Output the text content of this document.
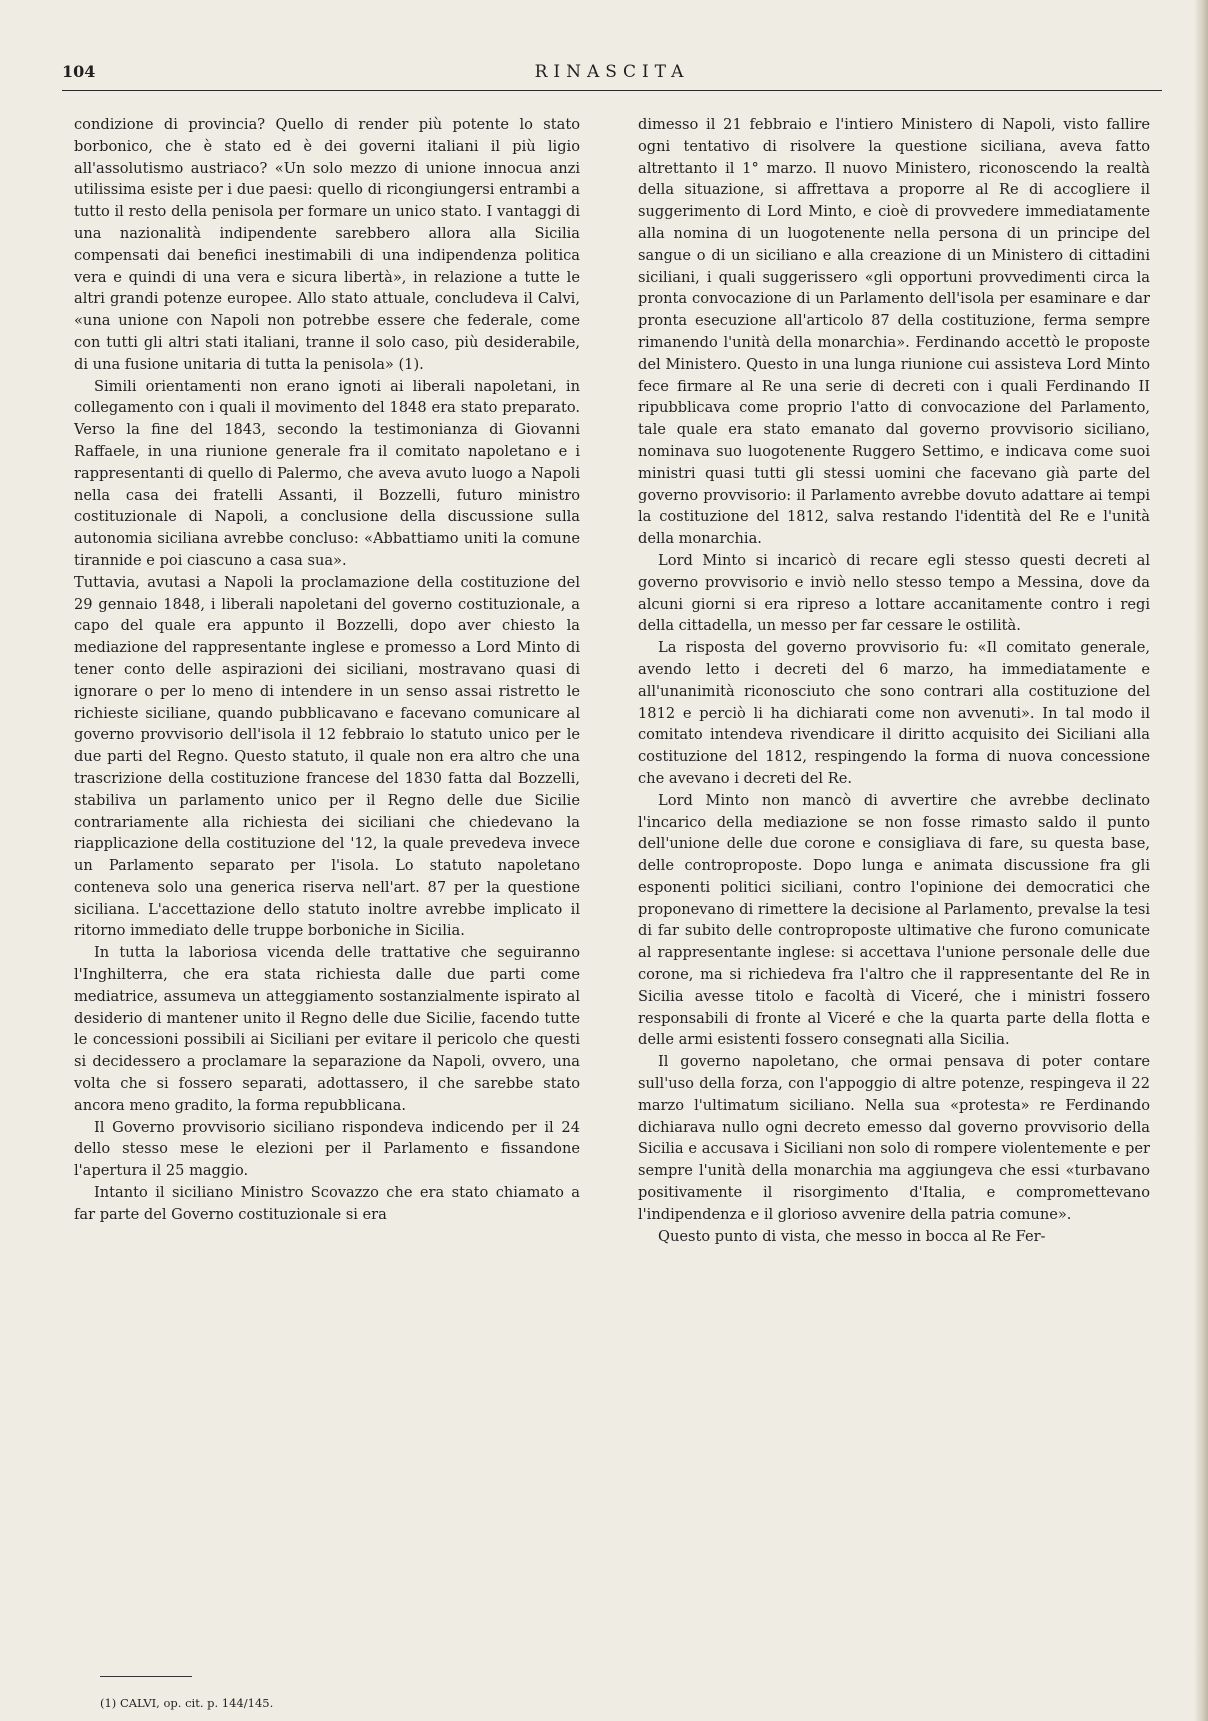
104	RINASCITA

condizione di provincia? Quello di render più potente lo stato borbonico, che è stato ed è dei governi italiani il più ligio all'assolutismo austriaco? «Un solo mezzo di unione innocua anzi utilissima esiste per i due paesi: quello di ricongiungersi entrambi a tutto il resto della penisola per formare un unico stato. I vantaggi di una nazionalità indipendente sarebbero allora alla Sicilia compensati dai benefici inestimabili di una indipendenza politica vera e quindi di una vera e sicura libertà», in relazione a tutte le altri grandi potenze europee. Allo stato attuale, concludeva il Calvi, «una unione con Napoli non potrebbe essere che federale, come con tutti gli altri stati italiani, tranne il solo caso, più desiderabile, di una fusione unitaria di tutta la penisola» (1).

Simili orientamenti non erano ignoti ai liberali napoletani, in collegamento con i quali il movimento del 1848 era stato preparato. Verso la fine del 1843, secondo la testimonianza di Giovanni Raffaele, in una riunione generale fra il comitato napoletano e i rappresentanti di quello di Palermo, che aveva avuto luogo a Napoli nella casa dei fratelli Assanti, il Bozzelli, futuro ministro costituzionale di Napoli, a conclusione della discussione sulla autonomia siciliana avrebbe concluso: «Abbattiamo uniti la comune tirannide e poi ciascuno a casa sua».

Tuttavia, avutasi a Napoli la proclamazione della costituzione del 29 gennaio 1848, i liberali napoletani del governo costituzionale, a capo del quale era appunto il Bozzelli, dopo aver chiesto la mediazione del rappresentante inglese e promesso a Lord Minto di tener conto delle aspirazioni dei siciliani, mostravano quasi di ignorare o per lo meno di intendere in un senso assai ristretto le richieste siciliane, quando pubblicavano e facevano comunicare al governo provvisorio dell'isola il 12 febbraio lo statuto unico per le due parti del Regno. Questo statuto, il quale non era altro che una trascrizione della costituzione francese del 1830 fatta dal Bozzelli, stabiliva un parlamento unico per il Regno delle due Sicilie contrariamente alla richiesta dei siciliani che chiedevano la riapplicazione della costituzione del '12, la quale prevedeva invece un Parlamento separato per l'isola. Lo statuto napoletano conteneva solo una generica riserva nell'art. 87 per la questione siciliana. L'accettazione dello statuto inoltre avrebbe implicato il ritorno immediato delle truppe borboniche in Sicilia.

In tutta la laboriosa vicenda delle trattative che seguiranno l'Inghilterra, che era stata richiesta dalle due parti come mediatrice, assumeva un atteggiamento sostanzialmente ispirato al desiderio di mantener unito il Regno delle due Sicilie, facendo tutte le concessioni possibili ai Siciliani per evitare il pericolo che questi si decidessero a proclamare la separazione da Napoli, ovvero, una volta che si fossero separati, adottassero, il che sarebbe stato ancora meno gradito, la forma repubblicana.

Il Governo provvisorio siciliano rispondeva indicendo per il 24 dello stesso mese le elezioni per il Parlamento e fissandone l'apertura il 25 maggio.

Intanto il siciliano Ministro Scovazzo che era stato chiamato a far parte del Governo costituzionale si era

dimesso il 21 febbraio e l'intiero Ministero di Napoli, visto fallire ogni tentativo di risolvere la questione siciliana, aveva fatto altrettanto il 1° marzo. Il nuovo Ministero, riconoscendo la realtà della situazione, si affrettava a proporre al Re di accogliere il suggerimento di Lord Minto, e cioè di provvedere immediatamente alla nomina di un luogotenente nella persona di un principe del sangue o di un siciliano e alla creazione di un Ministero di cittadini siciliani, i quali suggerissero «gli opportuni provvedimenti circa la pronta convocazione di un Parlamento dell'isola per esaminare e dar pronta esecuzione all'articolo 87 della costituzione, ferma sempre rimanendo l'unità della monarchia». Ferdinando accettò le proposte del Ministero. Questo in una lunga riunione cui assisteva Lord Minto fece firmare al Re una serie di decreti con i quali Ferdinando II ripubblicava come proprio l'atto di convocazione del Parlamento, tale quale era stato emanato dal governo provvisorio siciliano, nominava suo luogotenente Ruggero Settimo, e indicava come suoi ministri quasi tutti gli stessi uomini che facevano già parte del governo provvisorio: il Parlamento avrebbe dovuto adattare ai tempi la costituzione del 1812, salva restando l'identità del Re e l'unità della monarchia.

Lord Minto si incaricò di recare egli stesso questi decreti al governo provvisorio e inviò nello stesso tempo a Messina, dove da alcuni giorni si era ripreso a lottare accanitamente contro i regi della cittadella, un messo per far cessare le ostilità.

La risposta del governo provvisorio fu: «Il comitato generale, avendo letto i decreti del 6 marzo, ha immediatamente e all'unanimità riconosciuto che sono contrari alla costituzione del 1812 e perciò li ha dichiarati come non avvenuti». In tal modo il comitato intendeva rivendicare il diritto acquisito dei Siciliani alla costituzione del 1812, respingendo la forma di nuova concessione che avevano i decreti del Re.

Lord Minto non mancò di avvertire che avrebbe declinato l'incarico della mediazione se non fosse rimasto saldo il punto dell'unione delle due corone e consigliava di fare, su questa base, delle controproposte. Dopo lunga e animata discussione fra gli esponenti politici siciliani, contro l'opinione dei democratici che proponevano di rimettere la decisione al Parlamento, prevalse la tesi di far subito delle controproposte ultimative che furono comunicate al rappresentante inglese: si accettava l'unione personale delle due corone, ma si richiedeva fra l'altro che il rappresentante del Re in Sicilia avesse titolo e facoltà di Viceré, che i ministri fossero responsabili di fronte al Viceré e che la quarta parte della flotta e delle armi esistenti fossero consegnati alla Sicilia.

Il governo napoletano, che ormai pensava di poter contare sull'uso della forza, con l'appoggio di altre potenze, respingeva il 22 marzo l'ultimatum siciliano. Nella sua «protesta» re Ferdinando dichiarava nullo ogni decreto emesso dal governo provvisorio della Sicilia e accusava i Siciliani non solo di rompere violentemente e per sempre l'unità della monarchia ma aggiungeva che essi «turbavano positivamente il risorgimento d'Italia, e compromettevano l'indipendenza e il glorioso avvenire della patria comune».

Questo punto di vista, che messo in bocca al Re Fer-

(1) CALVI, op. cit. p. 144/145.
